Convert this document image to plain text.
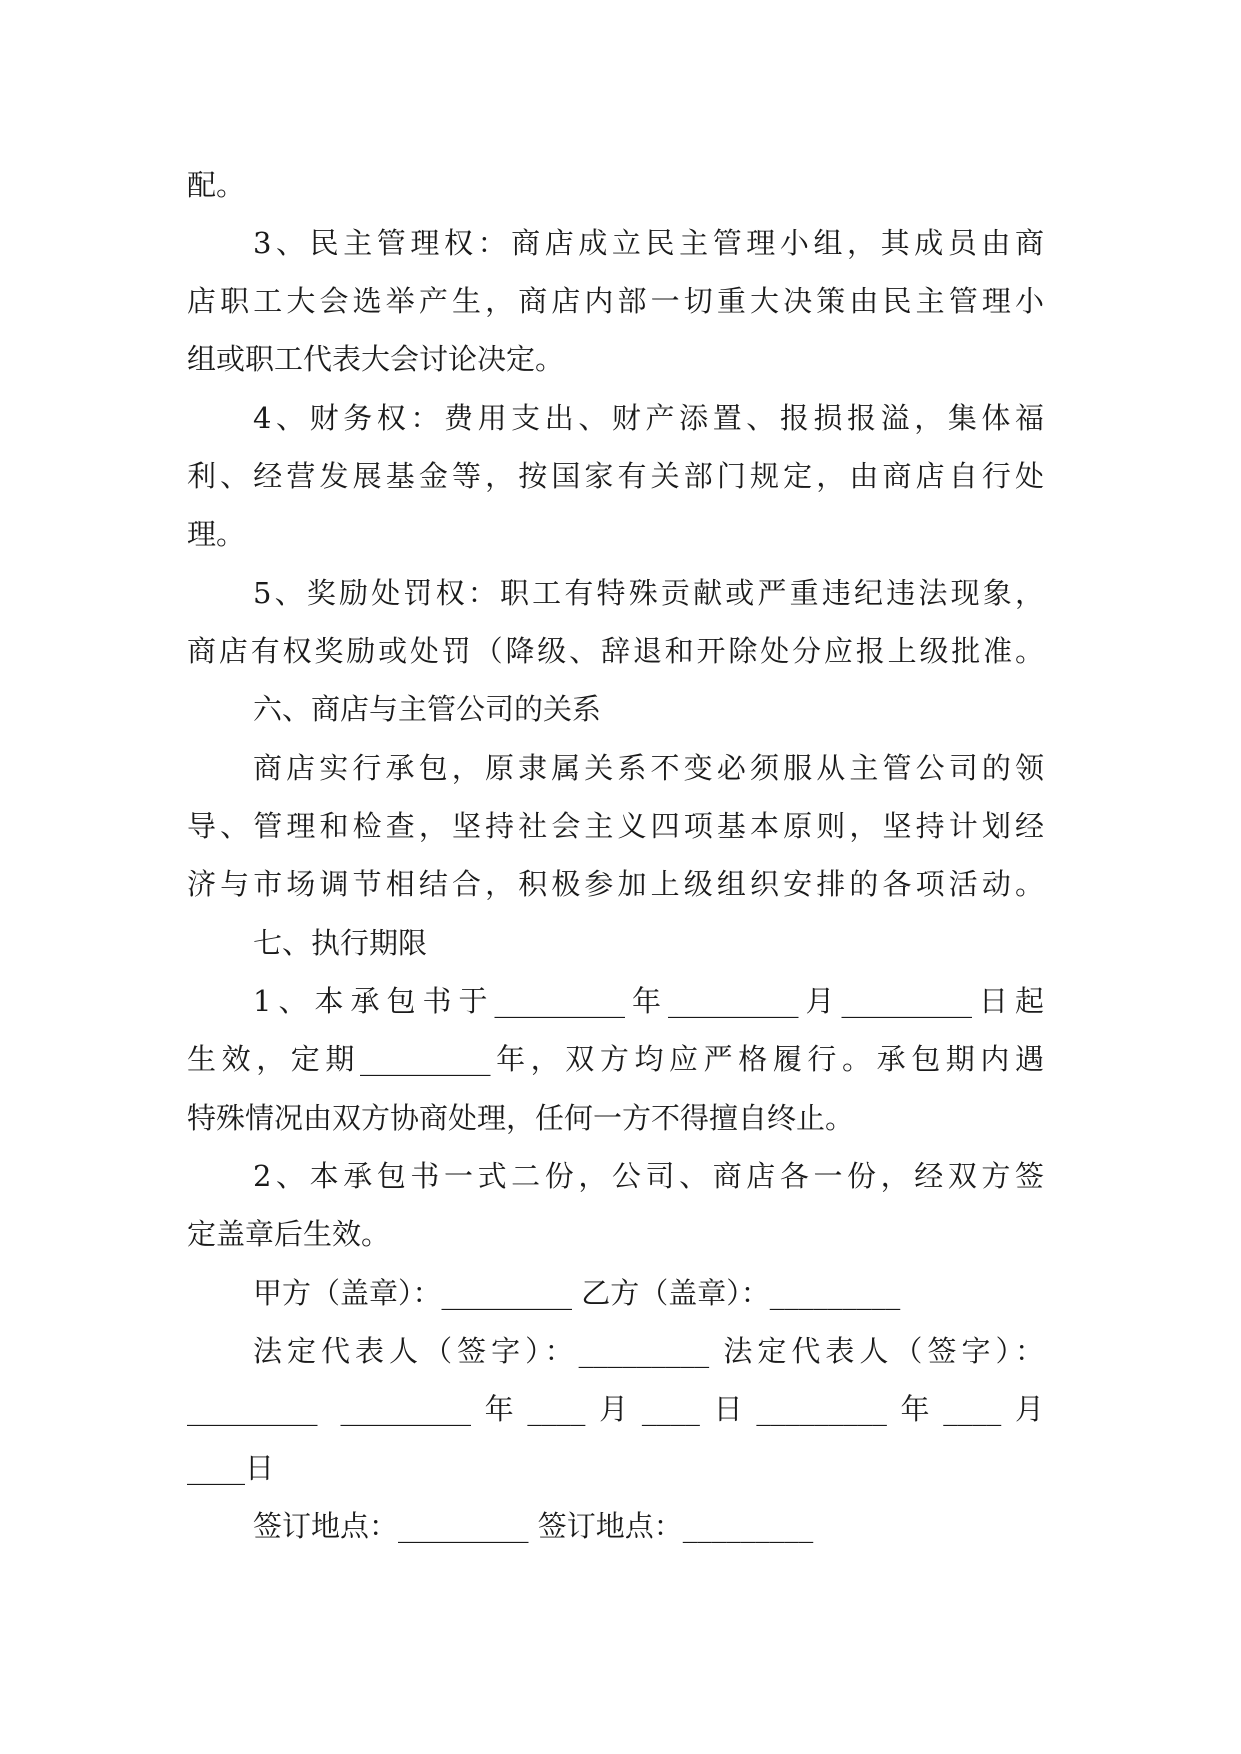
配。
3、民主管理权：商店成立民主管理小组，其成员由商
店职工大会选举产生，商店内部一切重大决策由民主管理小
组或职工代表大会讨论决定。
4、财务权：费用支出、财产添置、报损报溢，集体福
利、经营发展基金等，按国家有关部门规定，由商店自行处
理。
5、奖励处罚权：职工有特殊贡献或严重违纪违法现象，
商店有权奖励或处罚（降级、辞退和开除处分应报上级批准。
六、商店与主管公司的关系
商店实行承包，原隶属关系不变必须服从主管公司的领
导、管理和检查，坚持社会主义四项基本原则，坚持计划经
济与市场调节相结合，积极参加上级组织安排的各项活动。
七、执行期限
1、本承包书于_________年_________月_________日起
生效，定期_________年，双方均应严格履行。承包期内遇
特殊情况由双方协商处理，任何一方不得擅自终止。
2、本承包书一式二份，公司、商店各一份，经双方签
定盖章后生效。
甲方（盖章）：_________ 乙方（盖章）：_________
法定代表人（签字）：_________ 法定代表人（签字）：
_________ _________年____月____日_________年____月
____日
签订地点：_________ 签订地点：_________
